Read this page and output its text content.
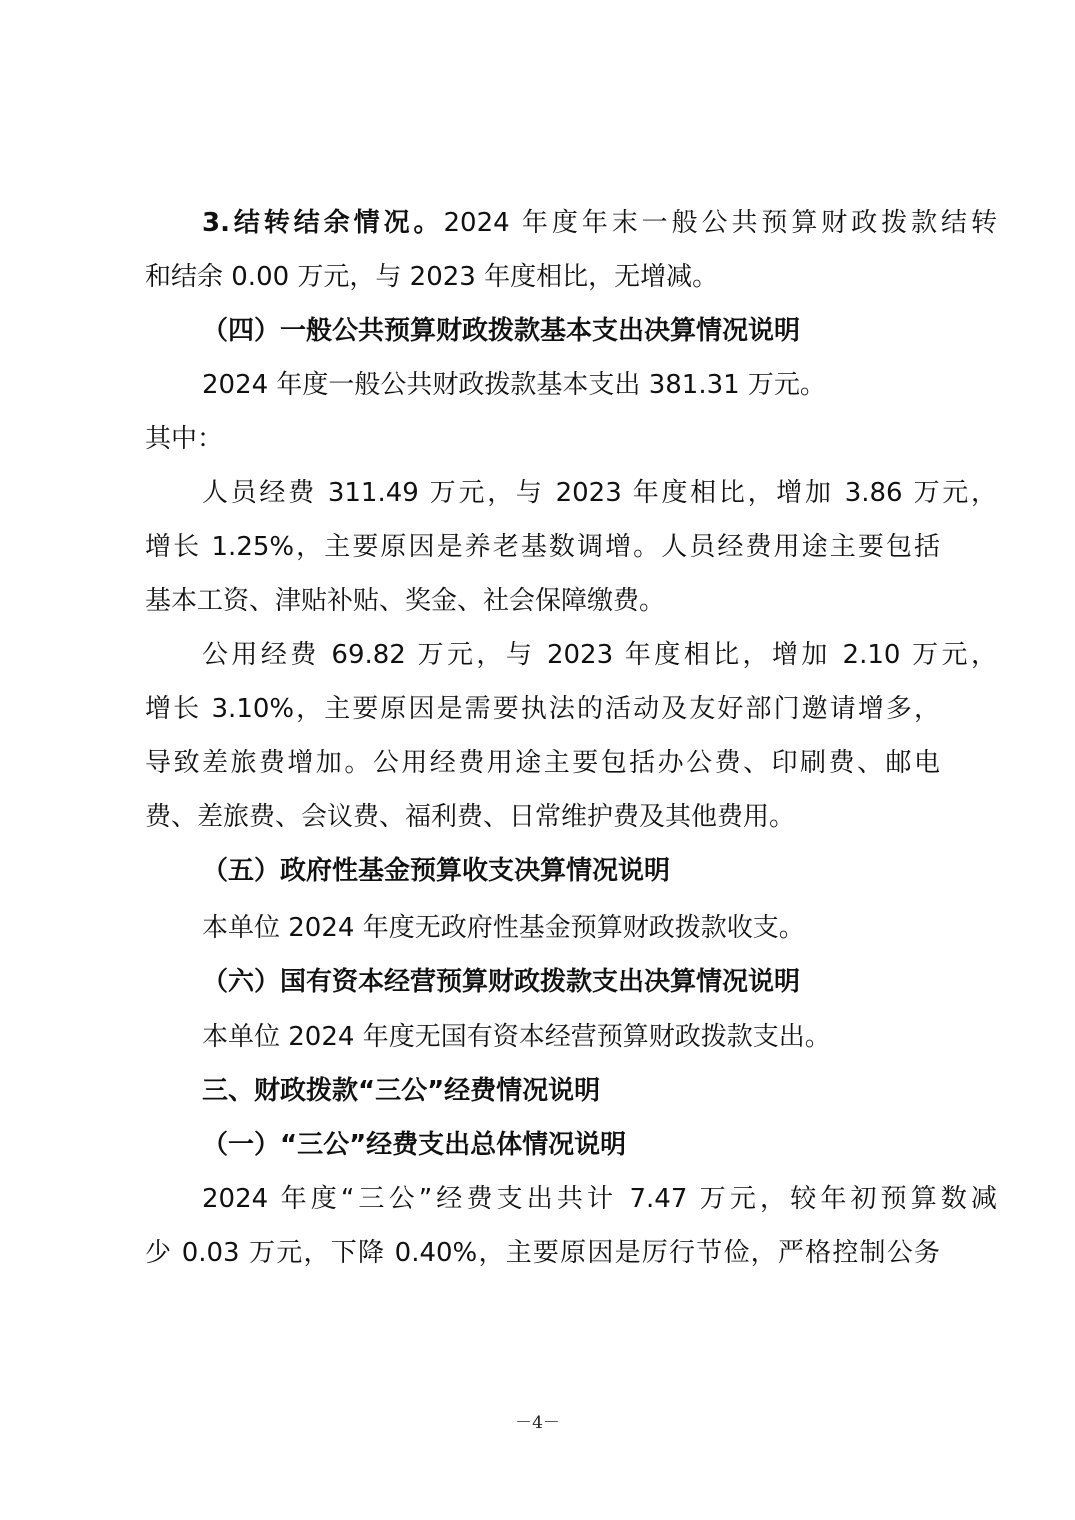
3.结转结余情况。2024 年度年末一般公共预算财政拨款结转
和结余 0.00 万元，与 2023 年度相比，无增减。
（四）一般公共预算财政拨款基本支出决算情况说明
2024 年度一般公共财政拨款基本支出 381.31 万元。
其中：
人员经费 311.49 万元，与 2023 年度相比，增加 3.86 万元，
增长 1.25%，主要原因是养老基数调增。人员经费用途主要包括
基本工资、津贴补贴、奖金、社会保障缴费。
公用经费 69.82 万元，与 2023 年度相比，增加 2.10 万元，
增长 3.10%，主要原因是需要执法的活动及友好部门邀请增多，
导致差旅费增加。公用经费用途主要包括办公费、印刷费、邮电
费、差旅费、会议费、福利费、日常维护费及其他费用。
（五）政府性基金预算收支决算情况说明
本单位 2024 年度无政府性基金预算财政拨款收支。
（六）国有资本经营预算财政拨款支出决算情况说明
本单位 2024 年度无国有资本经营预算财政拨款支出。
三、财政拨款“三公”经费情况说明
（一）“三公”经费支出总体情况说明
2024 年度“三公”经费支出共计 7.47 万元，较年初预算数减
少 0.03 万元，下降 0.40%，主要原因是厉行节俭，严格控制公务
－4－
